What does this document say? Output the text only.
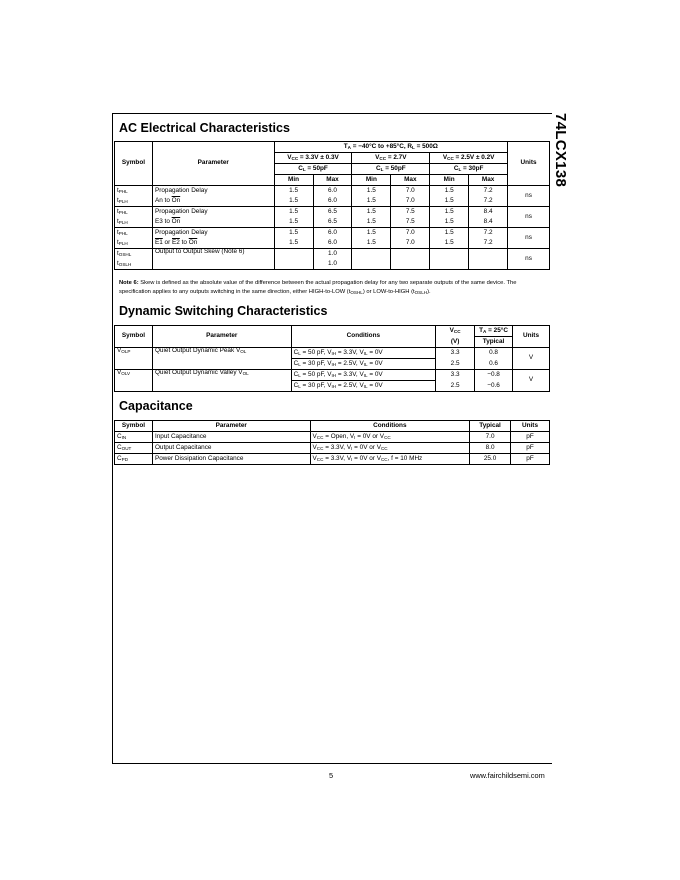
74LCX138
AC Electrical Characteristics
Symbol	Parameter	$T_A = -40^\circ C$ to +85°C, $R_L = 500\Omega$						Units
		$V_{CC} = 3.3V \pm 0.3V$		$V_{CC} = 2.7V$		$V_{CC} = 2.5V \pm 0.2V$		
		$C_L = 50pF$		$C_L = 50pF$		$C_L = 30pF$		
		Min	Max	Min	Max	Min	Max	
$t_{PHL}$	Propagation Delay	1.5	6.0	1.5	7.0	1.5	7.2	ns
$t_{PLH}$	An to $\overline{On}$	1.5	6.0	1.5	7.0	1.5	7.2	
$t_{PHL}$	Propagation Delay	1.5	6.5	1.5	7.5	1.5	8.4	ns
$t_{PLH}$	E3 to $\overline{On}$	1.5	6.5	1.5	7.5	1.5	8.4	
$t_{PHL}$	Propagation Delay	1.5	6.0	1.5	7.0	1.5	7.2	ns
$t_{PLH}$	E1 or E2 to $\overline{On}$	1.5	6.0	1.5	7.0	1.5	7.2	
$t_{OSHL}$	Output to Output Skew (Note 6)		1.0					ns
$t_{OSLH}$			1.0					
Note 6: Skew is defined as the absolute value of the difference between the actual propagation delay for any two separate outputs of the same device. The specification applies to any outputs switching in the same direction, either HIGH-to-LOW $(t_{OSHL})$ or LOW-to-HIGH $(t_{OSLH})$.
Dynamic Switching Characteristics
Symbol	Parameter	Conditions	$V_{CC}$	$T_A = 25^\circ C$	Units
			(V)	Typical	
$V_{OLP}$	Quiet Output Dynamic Peak $V_{OL}$	$C_L = 50$ pF, $V_{IH} = 3.3V$, $V_{IL} = 0V$	3.3	0.8	V
		$C_L = 30$ pF, $V_{IH} = 2.5V$, $V_{IL} = 0V$	2.5	0.6	
$V_{OLV}$	Quiet Output Dynamic Valley $V_{OL}$	$C_L = 50$ pF, $V_{IH} = 3.3V$, $V_{IL} = 0V$	3.3	−0.8	V
		$C_L = 30$ pF, $V_{IH} = 2.5V$, $V_{IL} = 0V$	2.5	−0.6	
Capacitance
Symbol	Parameter	Conditions	Typical	Units
$C_{IN}$	Input Capacitance	$V_{CC}$ = Open, $V_I = 0V$ or $V_{CC}$	7.0	pF
$C_{OUT}$	Output Capacitance	$V_{CC} = 3.3V$, $V_I = 0V$ or $V_{CC}$	8.0	pF
$C_{PD}$	Power Dissipation Capacitance	$V_{CC} = 3.3V$, $V_I = 0V$ or $V_{CC}$, f = 10 MHz	25.0	pF
5	www.fairchildsemi.com
